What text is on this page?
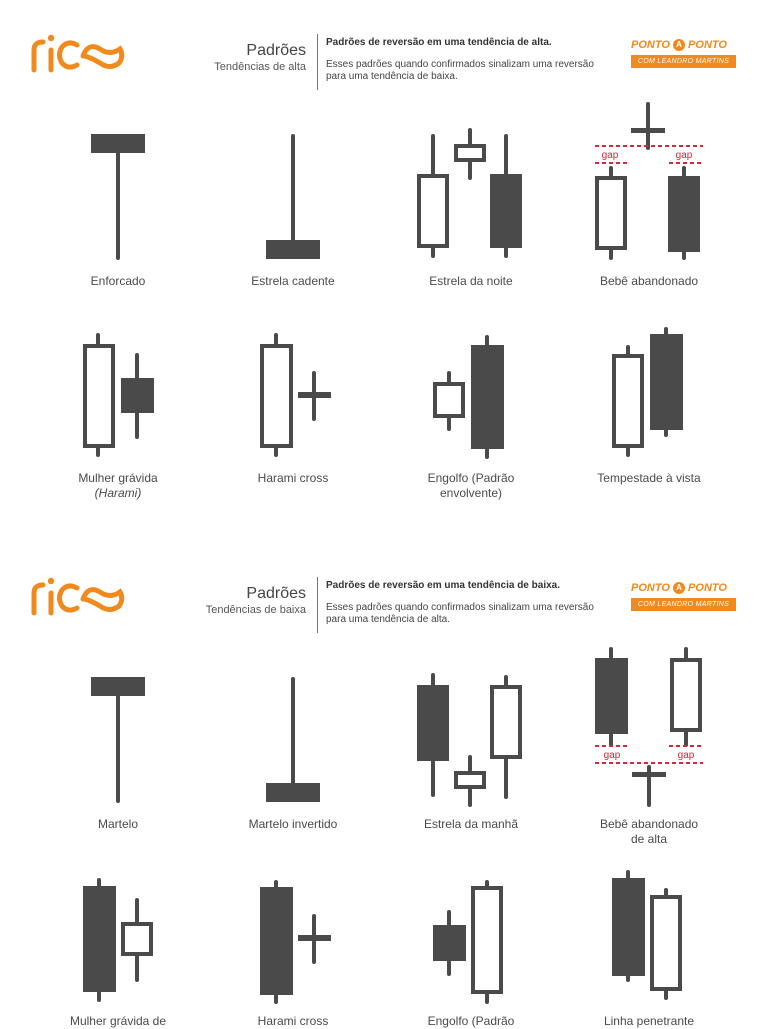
Padrões
Tendências de alta
Padrões de reversão em uma tendência de alta.
Esses padrões quando confirmados sinalizam uma reversão para uma tendência de baixa.
PONTO A PONTO
COM LEANDRO MARTINS
Enforcado	Estrela cadente	Estrela da noite
gap	gap
Bebê abandonado
Mulher grávida
(Harami)
Harami cross	Engolfo (Padrão
envolvente)
Tempestade à vista
Padrões
Tendências de baixa
Padrões de reversão em uma tendência de baixa.
Esses padrões quando confirmados sinalizam uma reversão para uma tendência de alta.
PONTO A PONTO
COM LEANDRO MARTINS
Martelo	Martelo invertido	Estrela da manhã
gap	gap
Bebê abandonado
de alta
Mulher grávida de	Harami cross	Engolfo (Padrão	Linha penetrante
